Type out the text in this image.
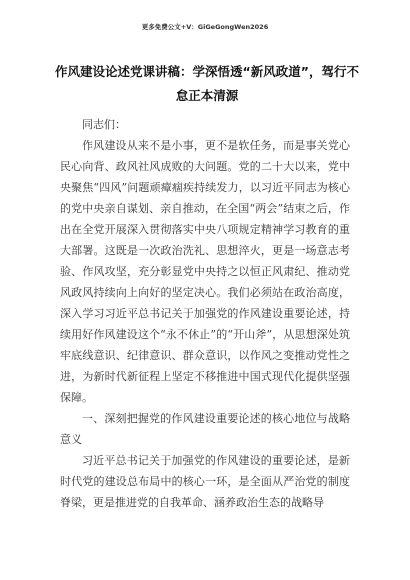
更多免费公文+Ⅴ：GiGeGongWen2026
作风建设论述党课讲稿：学深悟透“新风政道”，驾行不怠正本清源

同志们：

作风建设从来不是小事，更不是软任务，而是事关党心民心向背、政风社风成败的大问题。党的二十大以来，党中央聚焦“四风”问题顽瘴痼疾持续发力，以习近平同志为核心的党中央亲自谋划、亲自推动，在全国“两会”结束之后，作出在全党开展深入贯彻落实中央八项规定精神学习教育的重大部署。这既是一次政治洗礼、思想淬火，更是一场意志考验、作风攻坚，充分彰显党中央持之以恒正风肃纪、推动党风政风持续向上向好的坚定决心。我们必须站在政治高度，深入学习习近平总书记关于加强党的作风建设重要论述，持续用好作风建设这个“永不休止”的“开山斧”，从思想深处筑牢底线意识、纪律意识、群众意识，以作风之变推动党性之进，为新时代新征程上坚定不移推进中国式现代化提供坚强保障。

一、深刻把握党的作风建设重要论述的核心地位与战略意义

习近平总书记关于加强党的作风建设的重要论述，是新时代党的建设总布局中的核心一环，是全面从严治党的制度脊梁，更是推进党的自我革命、涵养政治生态的战略导
